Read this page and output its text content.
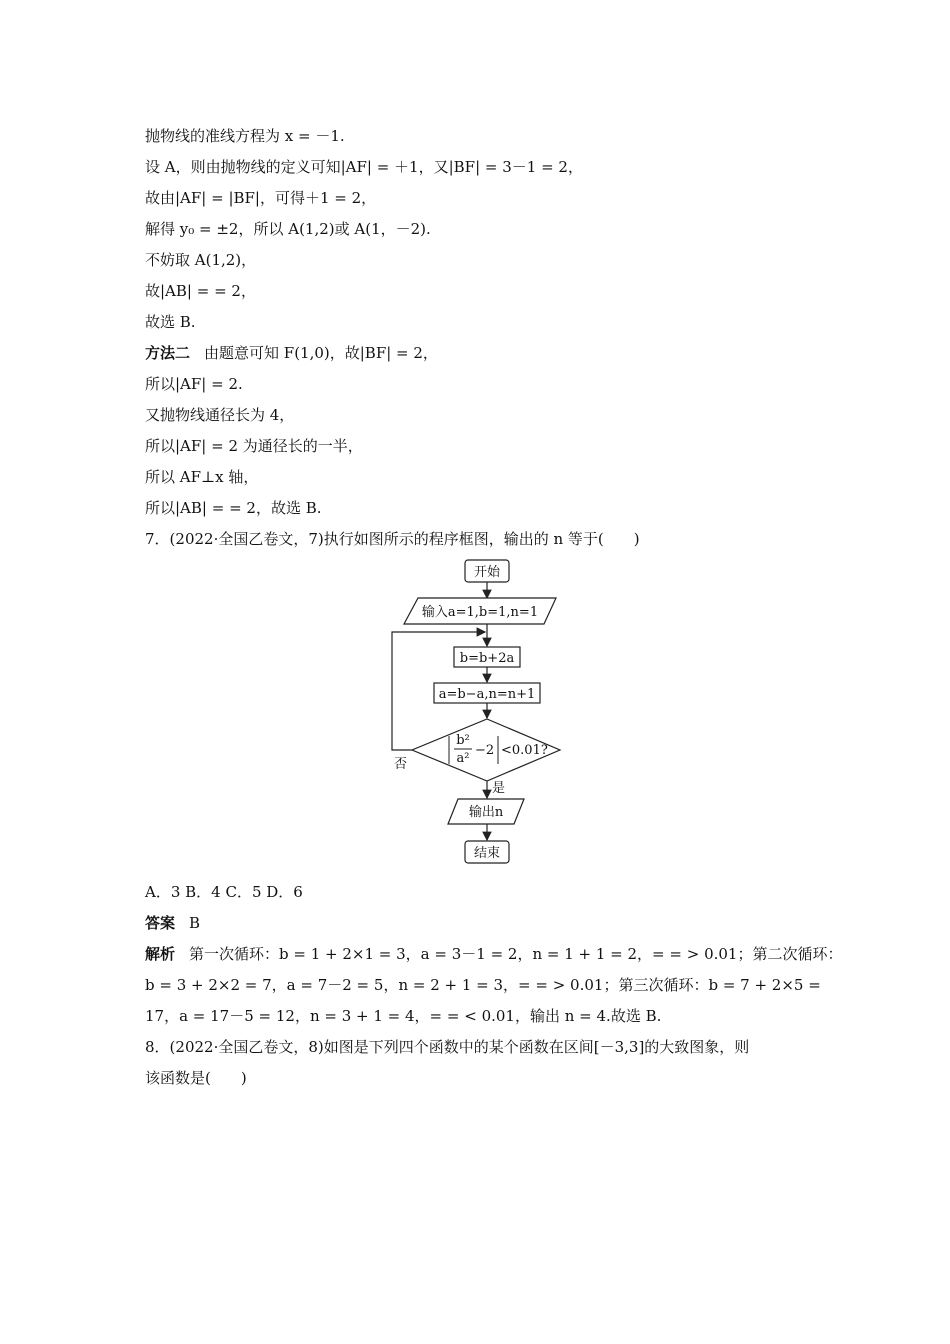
抛物线的准线方程为 x = －1.
设 A，则由抛物线的定义可知|AF| = ＋1，又|BF| = 3－1 = 2，
故由|AF| = |BF|，可得＋1 = 2，
解得 y₀ = ±2，所以 A(1,2)或 A(1，－2).
不妨取 A(1,2)，
故|AB| = = 2，
故选 B.
方法二 由题意可知 F(1,0)，故|BF| = 2，
所以|AF| = 2.
又抛物线通径长为 4，
所以|AF| = 2 为通径长的一半，
所以 AF⊥x 轴，
所以|AB| = = 2，故选 B.
7．(2022·全国乙卷文，7)执行如图所示的程序框图，输出的 n 等于(　　)
开始
输入a=1,b=1,n=1
b=b+2a
a=b−a,n=n+1
b²
a²
−2 <0.01?
否
是
输出n
结束
A．3 B．4 C．5 D．6
答案 B
解析 第一次循环：b = 1 + 2×1 = 3，a = 3－1 = 2，n = 1 + 1 = 2，= = > 0.01；第二次循环：
b = 3 + 2×2 = 7，a = 7－2 = 5，n = 2 + 1 = 3，= = > 0.01；第三次循环：b = 7 + 2×5 =
17，a = 17－5 = 12，n = 3 + 1 = 4，= = < 0.01，输出 n = 4.故选 B.
8．(2022·全国乙卷文，8)如图是下列四个函数中的某个函数在区间[－3,3]的大致图象，则
该函数是(　　)
